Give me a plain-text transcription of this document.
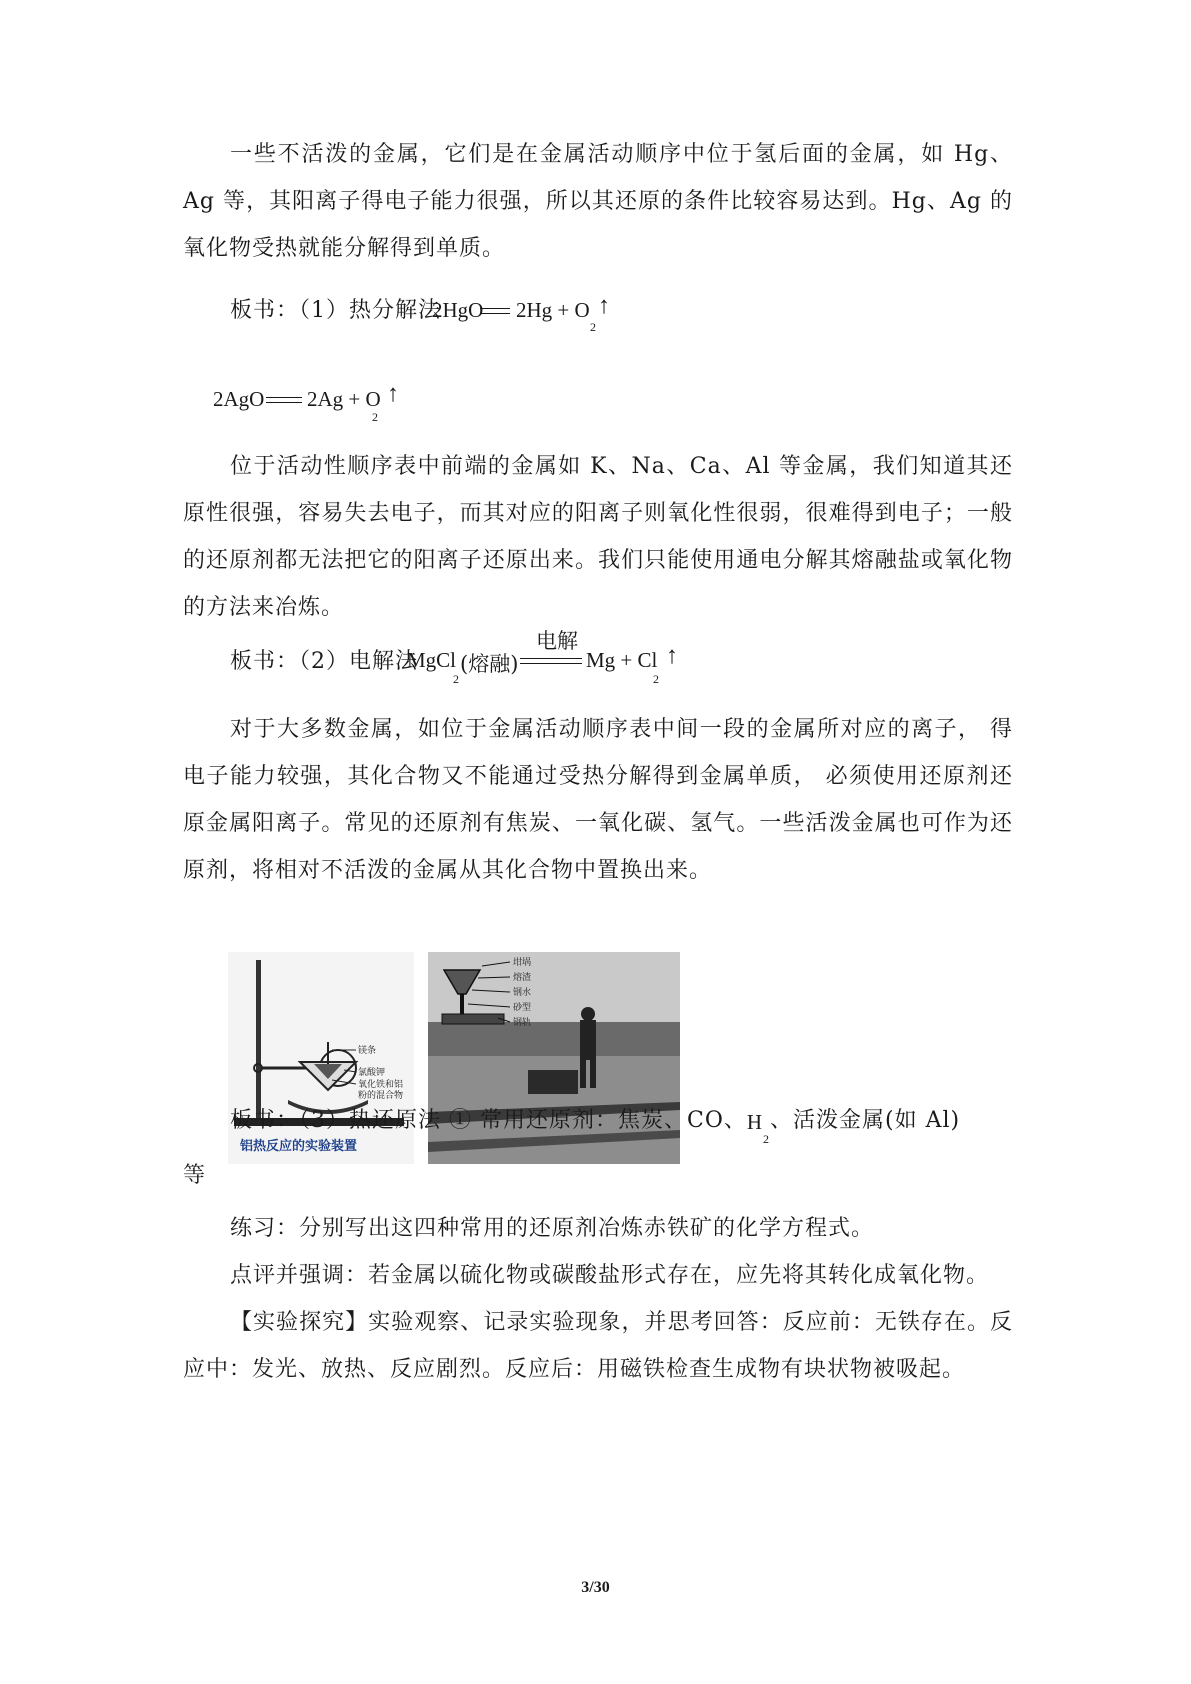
一些不活泼的金属，它们是在金属活动顺序中位于氢后面的金属，如 Hg、Ag 等，其阳离子得电子能力很强，所以其还原的条件比较容易达到。Hg、Ag 的氧化物受热就能分解得到单质。
板书：（1）热分解法
2HgO 2Hg + O
2
↑
2AgO 2Ag + O
2
↑
位于活动性顺序表中前端的金属如 K、Na、Ca、Al 等金属，我们知道其还原性很强，容易失去电子，而其对应的阳离子则氧化性很弱，很难得到电子；一般的还原剂都无法把它的阳离子还原出来。我们只能使用通电分解其熔融盐或氧化物的方法来冶炼。
板书：（2）电解法
MgCl
2
(熔融)
电解
Mg + Cl
2
↑
对于大多数金属，如位于金属活动顺序表中间一段的金属所对应的离子， 得电子能力较强，其化合物又不能通过受热分解得到金属单质， 必须使用还原剂还原金属阳离子。常见的还原剂有焦炭、一氧化碳、氢气。一些活泼金属也可作为还原剂，将相对不活泼的金属从其化合物中置换出来。
镁条
氯酸钾
氧化铁和铝
粉的混合物
铝热反应的实验装置
坩埚
熔渣
钢水
砂型
钢轨
板书：（3）热还原法 ① 常用还原剂：焦炭、CO、$H_2$、活泼金属(如 Al)
等
练习：分别写出这四种常用的还原剂冶炼赤铁矿的化学方程式。
点评并强调：若金属以硫化物或碳酸盐形式存在，应先将其转化成氧化物。
【实验探究】实验观察、记录实验现象，并思考回答：反应前：无铁存在。反应中：发光、放热、反应剧烈。反应后：用磁铁检查生成物有块状物被吸起。
3/30
